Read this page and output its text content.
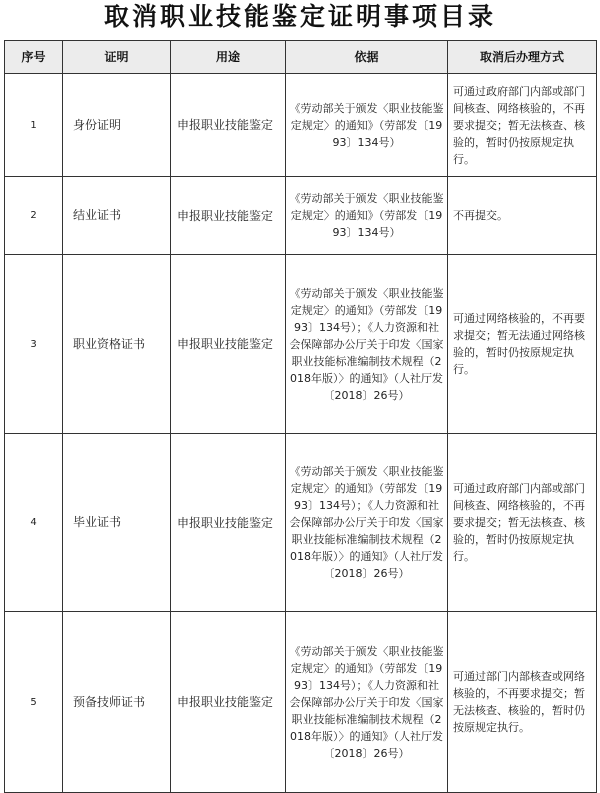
取消职业技能鉴定证明事项目录
序号	证明	用途	依据	取消后办理方式
1	身份证明	申报职业技能鉴定	《劳动部关于颁发〈职业技能鉴定规定〉的通知》（劳部发〔1993〕134号）	可通过政府部门内部或部门间核查、网络核验的，不再要求提交；暂无法核查、核验的，暂时仍按原规定执行。
2	结业证书	申报职业技能鉴定	《劳动部关于颁发〈职业技能鉴定规定〉的通知》（劳部发〔1993〕134号）	不再提交。
3	职业资格证书	申报职业技能鉴定	《劳动部关于颁发〈职业技能鉴定规定〉的通知》（劳部发〔1993〕134号）；《人力资源和社会保障部办公厅关于印发〈国家职业技能标准编制技术规程（2018年版）〉的通知》（人社厅发〔2018〕26号）	可通过网络核验的，不再要求提交；暂无法通过网络核验的，暂时仍按原规定执行。
4	毕业证书	申报职业技能鉴定	《劳动部关于颁发〈职业技能鉴定规定〉的通知》（劳部发〔1993〕134号）；《人力资源和社会保障部办公厅关于印发〈国家职业技能标准编制技术规程（2018年版）〉的通知》（人社厅发〔2018〕26号）	可通过政府部门内部或部门间核查、网络核验的，不再要求提交；暂无法核查、核验的，暂时仍按原规定执行。
5	预备技师证书	申报职业技能鉴定	《劳动部关于颁发〈职业技能鉴定规定〉的通知》（劳部发〔1993〕134号）；《人力资源和社会保障部办公厅关于印发〈国家职业技能标准编制技术规程（2018年版）〉的通知》（人社厅发〔2018〕26号）	可通过部门内部核查或网络核验的，不再要求提交；暂无法核查、核验的，暂时仍按原规定执行。
